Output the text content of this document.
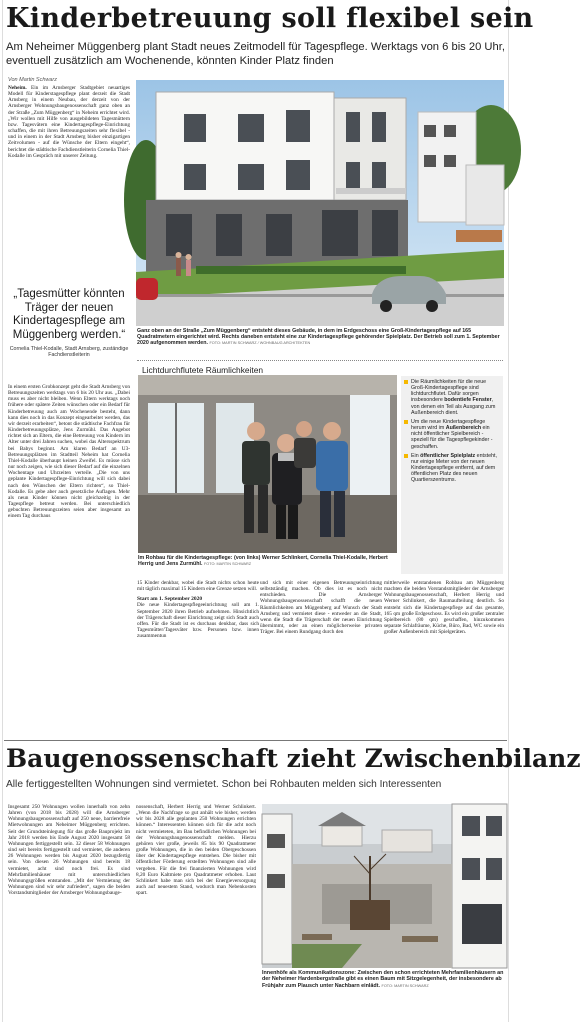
Kinderbetreuung soll flexibel sein
Am Neheimer Müggenberg plant Stadt neues Zeitmodell für Tagespflege. Werktags von 6 bis 20 Uhr, eventuell zusätzlich am Wochenende, könnten Kinder Platz finden
Von Martin Schwarz
Neheim. Ein im Arnsberger Stadtgebiet neuartiges Modell für Kinderstagespflege plant derzeit die Stadt Arnsberg in einem Neubau, der derzeit von der Arnsberger Wohnungsbaugenossenschaft ganz oben an der Straße „Zum Müggenberg“ in Neheim errichtet wird. „Wir wollen mit Hilfe von ausgebildeten Tagesmüttern bzw. Tagesvätern eine Kindertagespflege-Einrichtung schaffen, die mit ihren Betreuungszeiten sehr flexibel - und in einem in der Stadt Arnsberg bisher einzigartigen Zeitvolumen - auf die Wünsche der Eltern eingeht“, berichtet die städtische Fachdienstleiterin Cornelia Thiel-Kodalle im Gespräch mit unserer Zeitung.
„Tagesmütter könnten Träger der neuen Kindertagespflege am Müggenberg werden.“
Cornelia Thiel-Kodalle, Stadt Arnsberg, zuständige Fachdienstleiterin
In einem ersten Grobkonzept geht die Stadt Arnsberg von Betreuungszeiten werktags von 6 bis 20 Uhr aus. „Dabei muss es aber nicht bleiben. Wenn Eltern werktags noch frühere oder spätere Zeiten wünschen oder ein Bedarf für Kinderbetreuung auch am Wochenende besteht, dann kann dies noch in das Konzept eingearbeitet werden, das wir derzeit erarbeiten“, betont die städtische Fachfrau für Kinderbetreuungsplätze, Jens Zurmühl. Das Angebot richtet sich an Eltern, die eine Betreuung von Kindern im Alter unter drei Jahren suchen, wobei das Altersspektrum bei Babys beginnt. Am klaren Bedarf an U3-Betreuungsplätzen im Stadtteil Neheim hat Cornelia Thiel-Kodalle überhaupt keinen Zweifel. Es müsse sich nur noch zeigen, wie sich dieser Bedarf auf die einzelnen Wochentage und Uhrzeiten verteile. „Die von uns geplante Kindertagespflege-Einrichtung will sich dabei nach den Wünschen der Eltern richten“, so Thiel-Kodalle. Es gebe aber auch gesetzliche Auflagen. Mehr als neun Kinder können nicht gleichzeitig in der Tagespflege betreut werden. Bei unterschiedlich gebuchten Betreuungszeiten seien aber insgesamt an einem Tag durchaus
Ganz oben an der Straße „Zum Müggenberg“ entsteht dieses Gebäude, in dem im Erdgeschoss eine Groß-Kindertagespflege auf 165 Quadratmetern eingerichtet wird. Rechts daneben entsteht eine zur Kindertagespflege gehörender Spielplatz. Der Betrieb soll zum 1. September 2020 aufgenommen werden. FOTO: MARTIN SCHWARZ / WOHNBAUG ARCHITEKTEN
Lichtdurchflutete Räumlichkeiten
Im Rohbau für die Kindertagespflege: (von links) Werner Schlinkert, Cornelia Thiel-Kodalle, Herbert Herrig und Jens Zurmühl. FOTO: MARTIN SCHWARZ
Die Räumlichkeiten für die neue Groß-Kindertagespflege sind lichtdurchflutet. Dafür sorgen insbesondere bodentiefe Fenster, von denen ein Teil als Ausgang zum Außenbereich dient.
Um die neue Kindertagespflege herum wird im Außenbereich ein nicht öffentlicher Spielbereich - speziell für die Tagespflegekinder - geschaffen.
Ein öffentlicher Spielplatz entsteht, nur einige Meter von der neuen Kindertagespflege entfernt, auf dem öffentlichen Platz des neuen Quartierszentrums.
15 Kinder denkbar, wobei die Stadt nichts schon heute mit täglich maximal 15 Kindern eine Grenze setzen will.
Start am 1. September 2020
Die neue Kindertagespflegeeinrichtung soll am 1. September 2020 ihren Betrieb aufnehmen. Hinsichtlich der Trägerschaft dieser Einrichtung zeigt sich Stadt auch offen. Für die Stadt ist es durchaus denkbar, dass sich Tagesmütter/Tagesväter bzw. Personen bzw. innen zusammentun
und sich mit einer eigenen Betreuungseinrichtung selbstständig machen. Ob dies ist es noch nicht entschieden. Die Arnsberger Wohnungsbaugenossenschaft schafft die neuen Räumlichkeiten am Müggenberg auf Wunsch der Stadt Arnsberg und vermietet diese - entweder an die Stadt, wenn die Stadt die Trägerschaft der neuen Einrichtung übernimmt, oder an einen möglicherweise privaten Träger. Bei einem Rundgang durch den
mittlerweile entstandenen Rohbau am Müggenberg machten die beiden Vorstandsmitglieder der Arnsberger Wohnungsbaugenossenschaft, Herbert Herrig und Werner Schlinkert, die Raumaufteilung deutlich. So entsteht sich die Kindertagespflege auf das gesamte, 165 qm große Erdgeschoss. Es wird ein großer zentraler Spielbereich (80 qm) geschaffen, hinzukommen separate Schlafräume, Küche, Büro, Bad, WC sowie ein großer Außenbereich mit Spielgeräten.
Baugenossenschaft zieht Zwischenbilanz
Alle fertiggestellten Wohnungen sind vermietet. Schon bei Rohbauten melden sich Interessenten
Insgesamt 250 Wohnungen wollen innerhalb von zehn Jahren (von 2018 bis 2028) will die Arnsberger Wohnungsbaugenossenschaft auf 250 neue, barrierefreie Mietwohnungen am Neheimer Müggenberg errichten. Seit der Grundsteinlegung für das große Bauprojekt im Jahr 2018 werden bis Ende August 2020 insgesamt 58 Wohnungen fertiggestellt sein. 32 dieser 58 Wohnungen sind seit bereits fertiggestellt und vermietet, die anderen 26 Wohnungen werden bis August 2020 bezugsfertig sein. Von diesen 26 Wohnungen sind bereits 18 vermietet, acht sind noch frei. Es sind Mehrfamilienhäuser mit unterschiedlichen Wohnungsgrößen entstanden. „Mit der Vermietung der Wohnungen sind wir sehr zufrieden“, sagen die beiden Vorstandsmitglieder der Arnsberger Wohnungsbauge-
nossenschaft, Herbert Herrig und Werner Schlinkert. „Wenn die Nachfrage so gut anhält wie bisher, werden wir bis 2028 alle geplanten 250 Wohnungen errichten können.“ Interessenten können sich für die acht noch nicht vermieteten, im Bau befindlichen Wohnungen bei der Wohnungsbaugenossenschaft melden. Hierzu gehören vier große, jeweils 85 bis 90 Quadratmeter große Wohnungen, die in den beiden Obergeschossen über der Kindertagespflege entstehen. Die bisher mit öffentlicher Förderung erstellten Wohnungen sind alle vergeben. Für die frei finanzierten Wohnungen wird 8,20 Euro Kaltmiete pro Quadratmeter erhoben. Laut Schlinkert habe man sich bei der Energieversorgung auch auf neuestem Stand, wodurch man Nebenkosten spart.
Innenhöfe als Kommunikationszone: Zwischen den schon errichteten Mehrfamilienhäusern an der Neheimer Hardenbergstraße gibt es einen Baum mit Sitzgelegenheit, der insbesondere ab Frühjahr zum Plausch unter Nachbarn einlädt. FOTO: MARTIN SCHWARZ
